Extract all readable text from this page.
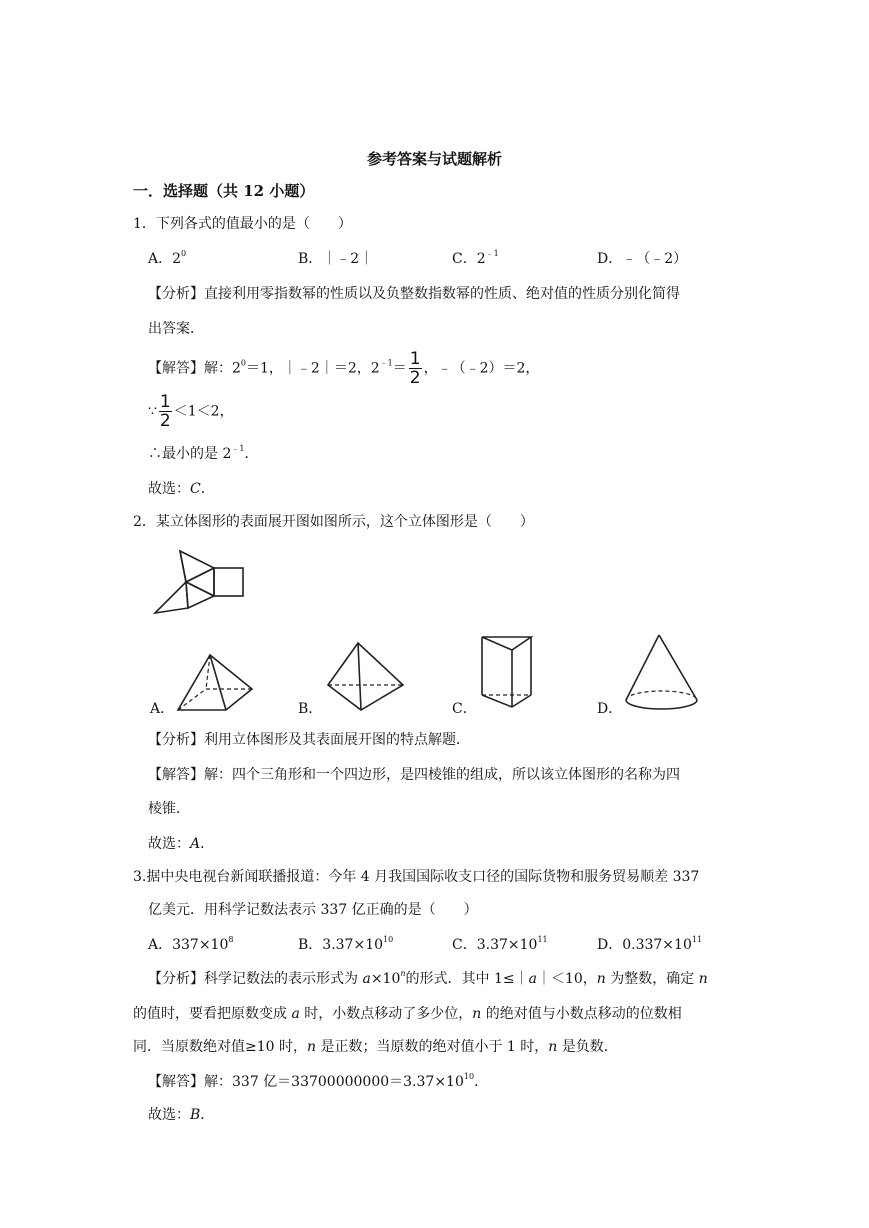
参考答案与试题解析
一．选择题（共 12 小题）
1．下列各式的值最小的是（　　）
A．$2^0$	B．｜﹣2｜	C．$2^{﹣1}$	D．﹣（﹣2）
【分析】直接利用零指数幂的性质以及负整数指数幂的性质、绝对值的性质分别化简得
出答案．
【解答】解：$2^0=1$，｜﹣2｜＝2，$2^{﹣1}= \frac{1}{2}$ ，﹣（﹣2）＝2，
∵ $\frac{1}{2} <1<2$，
∴最小的是 $2^{﹣1}$．
故选：C．
2．某立体图形的表面展开图如图所示，这个立体图形是（　　）
A．	B．	C．	D．
【分析】利用立体图形及其表面展开图的特点解题．
【解答】解：四个三角形和一个四边形，是四棱锥的组成，所以该立体图形的名称为四
棱锥．
故选：A．
3.据中央电视台新闻联播报道：今年 4 月我国国际收支口径的国际货物和服务贸易顺差 337
亿美元．用科学记数法表示 337 亿正确的是（　　）
A．$337\times 10^8$	B．$3.37\times 10^{10}$	C．$3.37\times 10^{11}$	D．$0.337\times 10^{11}$
【分析】科学记数法的表示形式为 $a\times 10^n$的形式．其中 1≤｜a｜＜10，n 为整数，确定 n
的值时，要看把原数变成 a 时，小数点移动了多少位，n 的绝对值与小数点移动的位数相
同．当原数绝对值≥10 时，n 是正数；当原数的绝对值小于 1 时，n 是负数．
【解答】解：337 亿$=33700000000=3.37\times 10^{10}$．
故选：B．
